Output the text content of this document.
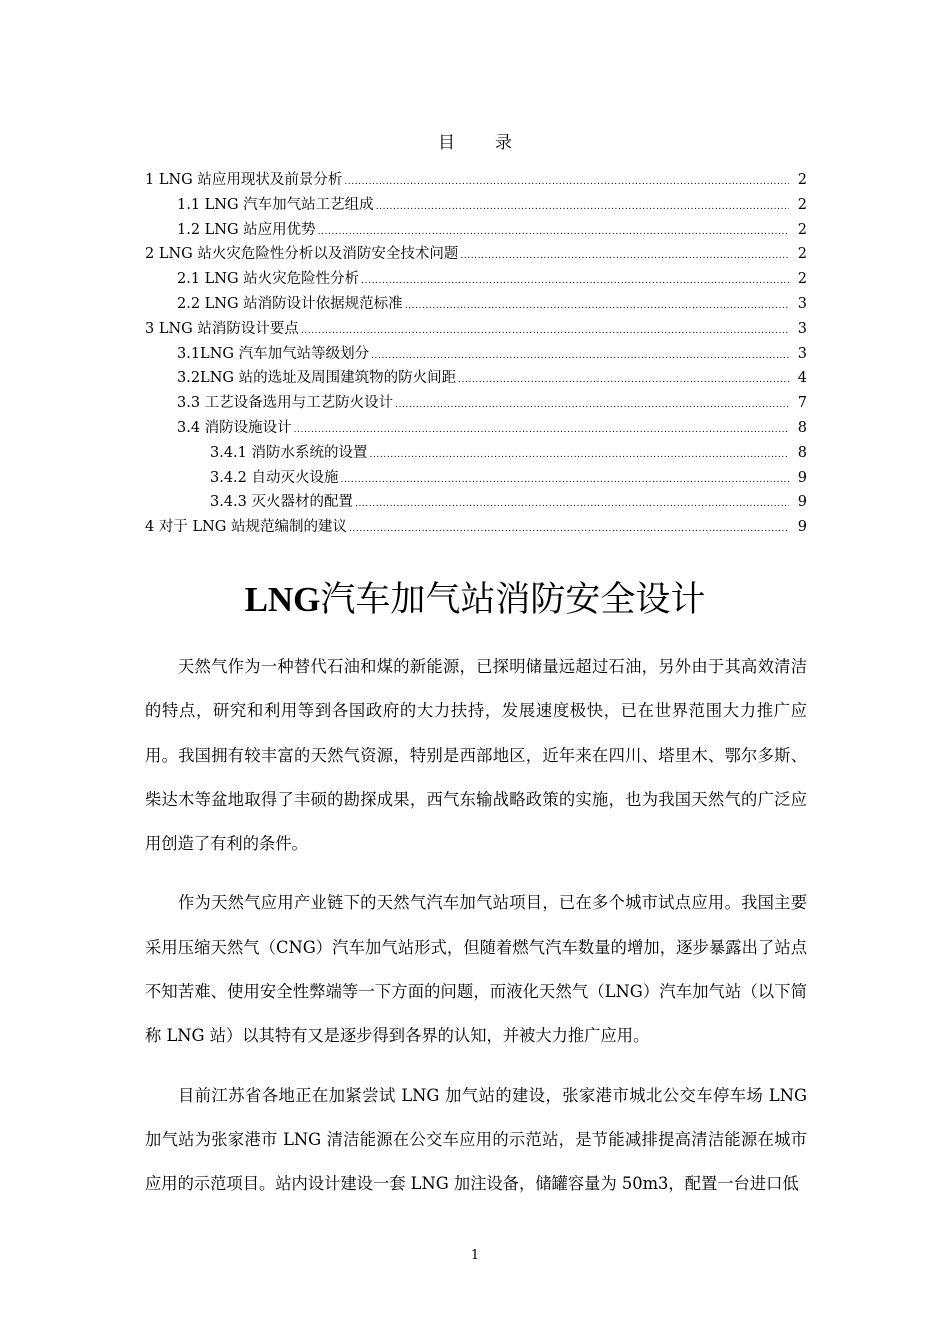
目录
1 LNG 站应用现状及前景分析 .....	2
1.1 LNG 汽车加气站工艺组成 .....	2
1.2 LNG 站应用优势 .....	2
2 LNG 站火灾危险性分析以及消防安全技术问题 .....	2
2.1 LNG 站火灾危险性分析 .....	2
2.2 LNG 站消防设计依据规范标准 .....	3
3 LNG 站消防设计要点 .....	3
3.1LNG 汽车加气站等级划分 .....	3
3.2LNG 站的选址及周围建筑物的防火间距 .....	4
3.3 工艺设备选用与工艺防火设计 .....	7
3.4 消防设施设计 .....	8
3.4.1 消防水系统的设置 .....	8
3.4.2 自动灭火设施 .....	9
3.4.3 灭火器材的配置 .....	9
4 对于 LNG 站规范编制的建议 .....	9
LNG汽车加气站消防安全设计

天然气作为一种替代石油和煤的新能源，已探明储量远超过石油，另外由于其高效清洁的特点，研究和利用等到各国政府的大力扶持，发展速度极快，已在世界范围大力推广应用。我国拥有较丰富的天然气资源，特别是西部地区，近年来在四川、塔里木、鄂尔多斯、柴达木等盆地取得了丰硕的勘探成果，西气东输战略政策的实施，也为我国天然气的广泛应用创造了有利的条件。

作为天然气应用产业链下的天然气汽车加气站项目，已在多个城市试点应用。我国主要采用压缩天然气（CNG）汽车加气站形式，但随着燃气汽车数量的增加，逐步暴露出了站点不知苦难、使用安全性弊端等一下方面的问题，而液化天然气（LNG）汽车加气站（以下简称 LNG 站）以其特有又是逐步得到各界的认知，并被大力推广应用。

目前江苏省各地正在加紧尝试 LNG 加气站的建设，张家港市城北公交车停车场 LNG 加气站为张家港市 LNG 清洁能源在公交车应用的示范站，是节能减排提高清洁能源在城市应用的示范项目。站内设计建设一套 LNG 加注设备，储罐容量为 50m3，配置一台进口低

1
